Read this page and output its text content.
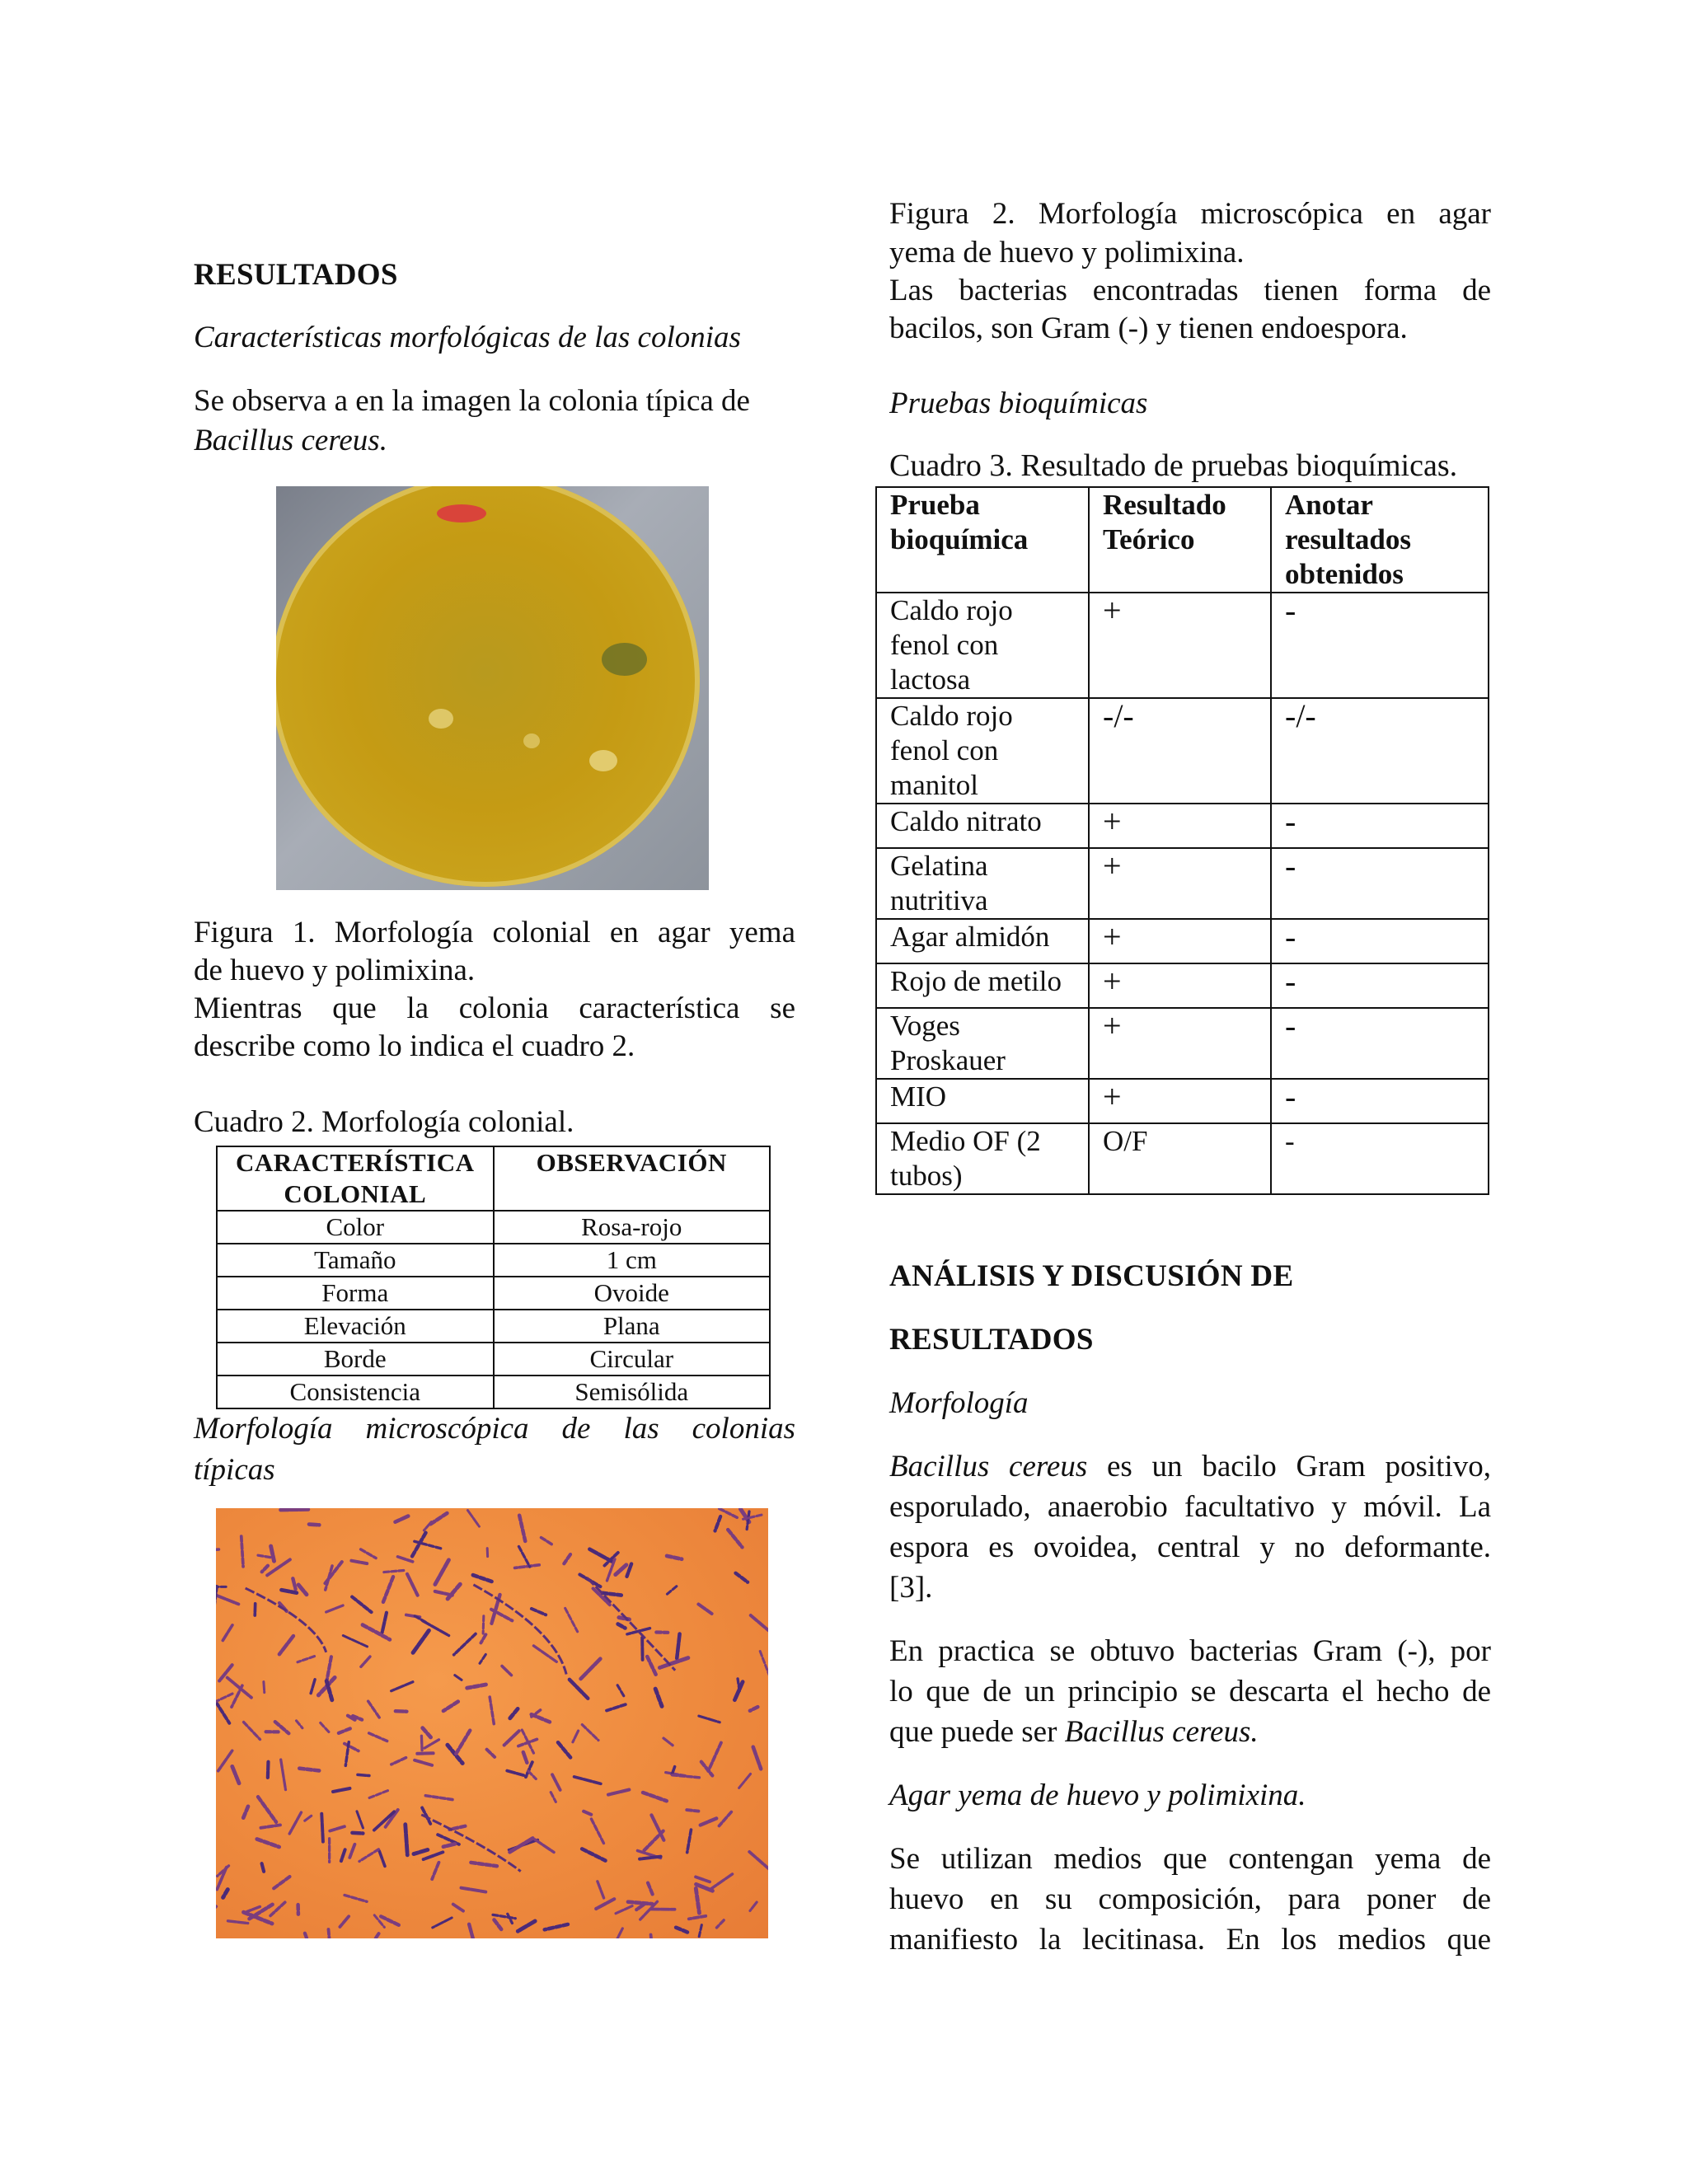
RESULTADOS

Características morfológicas de las colonias

Se observa a en la imagen la colonia típica de

Bacillus cereus.

Figura 1. Morfología colonial en agar yema

de huevo y polimixina.

Mientras que la colonia característica se

describe como lo indica el cuadro 2.

Cuadro 2. Morfología colonial.

CARACTERÍSTICA COLONIAL	OBSERVACIÓN
Color	Rosa-rojo
Tamaño	1 cm
Forma	Ovoide
Elevación	Plana
Borde	Circular
Consistencia	Semisólida

Morfología microscópica de las colonias

típicas

Figura 2. Morfología microscópica en agar

yema de huevo y polimixina.

Las bacterias encontradas tienen forma de

bacilos, son Gram (-) y tienen endoespora.

Pruebas bioquímicas

Cuadro 3. Resultado de pruebas bioquímicas.

Prueba bioquímica	Resultado Teórico	Anotar resultados obtenidos
Caldo rojo fenol con lactosa	+	-
Caldo rojo fenol con manitol	-/-	-/-
Caldo nitrato	+	-
Gelatina nutritiva	+	-
Agar almidón	+	-
Rojo de metilo	+	-
Voges Proskauer	+	-
MIO	+	-
Medio OF (2 tubos)	O/F	-

ANÁLISIS Y DISCUSIÓN DE

RESULTADOS

Morfología

Bacillus cereus es un bacilo Gram positivo,

esporulado, anaerobio facultativo y móvil. La

espora es ovoidea, central y no deformante.

[3].

En practica se obtuvo bacterias Gram (-), por

lo que de un principio se descarta el hecho de

que puede ser Bacillus cereus.

Agar yema de huevo y polimixina.

Se utilizan medios que contengan yema de

huevo en su composición, para poner de

manifiesto la lecitinasa. En los medios que
